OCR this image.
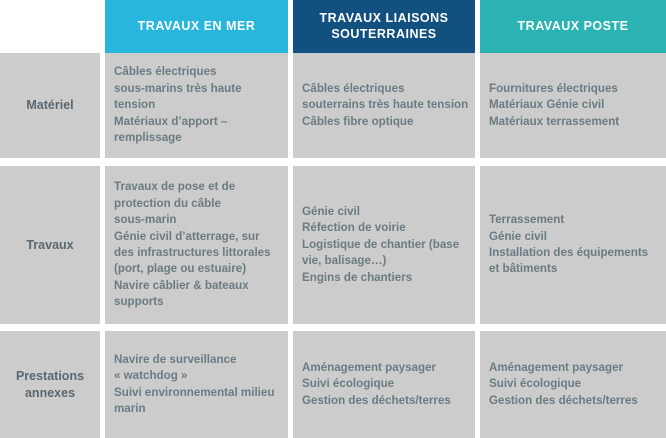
TRAVAUX EN MER
TRAVAUX LIAISONS SOUTERRAINES
TRAVAUX POSTE
Matériel
Câbles électriques
sous-marins très haute
tension
Matériaux d’apport –
remplissage
Câbles électriques
souterrains très haute tension
Câbles fibre optique
Fournitures électriques
Matériaux Génie civil
Matériaux terrassement
Travaux
Travaux de pose et de
protection du câble
sous-marin
Génie civil d’atterrage, sur
des infrastructures littorales
(port, plage ou estuaire)
Navire câblier & bateaux
supports
Génie civil
Réfection de voirie
Logistique de chantier (base
vie, balisage…)
Engins de chantiers
Terrassement
Génie civil
Installation des équipements
et bâtiments
Prestations
annexes
Navire de surveillance
« watchdog »
Suivi environnemental milieu
marin
Aménagement paysager
Suivi écologique
Gestion des déchets/terres
Aménagement paysager
Suivi écologique
Gestion des déchets/terres
